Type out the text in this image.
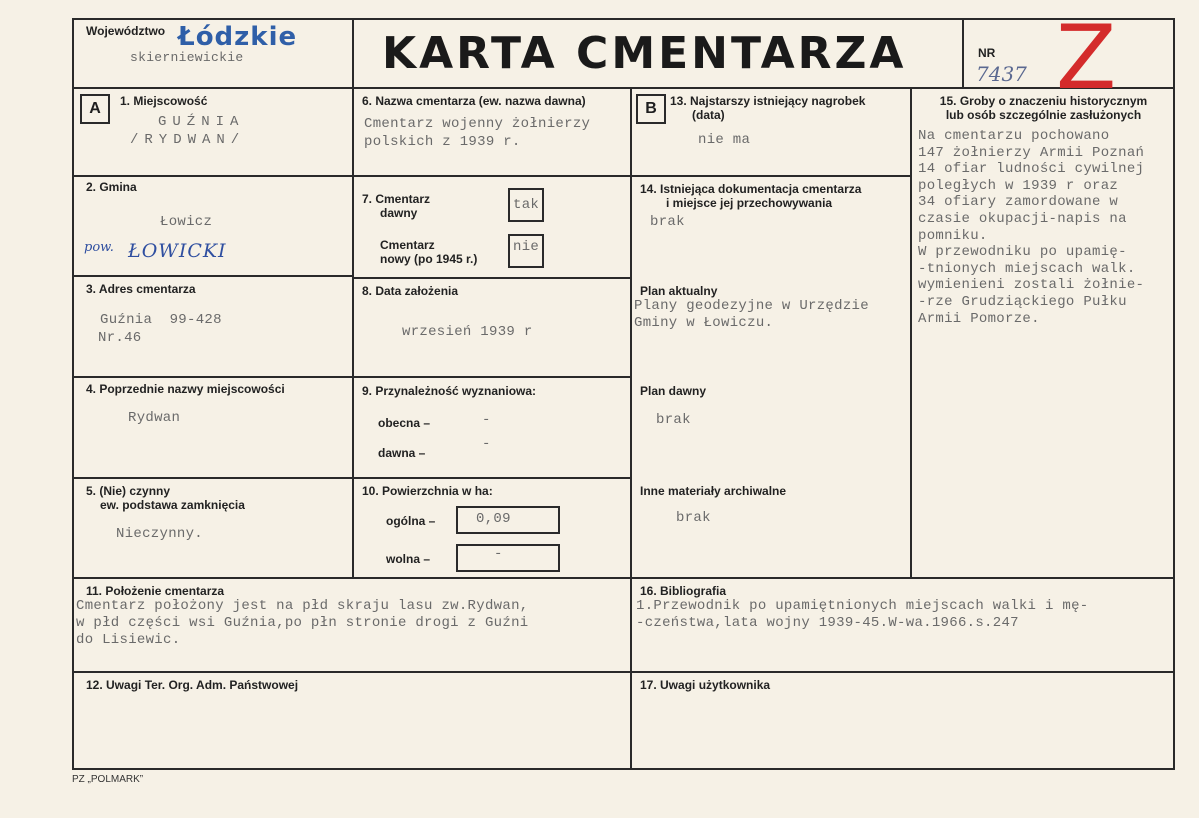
Województwo Łódzkie
skierniewickie	KARTA CMENTARZA	NR
7437 Z
A	B
1. Miejscowość
GUŹNIA
/RYDWAN/
2. Gmina
Łowicz
pow. ŁOWICKI
3. Adres cmentarza
Guźnia  99-428
Nr.46
4. Poprzednie nazwy miejscowości
Rydwan
5. (Nie) czynny
ew. podstawa zamknięcia
Nieczynny.
6. Nazwa cmentarza (ew. nazwa dawna)
Cmentarz wojenny żołnierzy
polskich z 1939 r.
7. Cmentarz
dawny	tak
Cmentarz
nowy (po 1945 r.)
nie
8. Data założenia
wrzesień 1939 r
9. Przynależność wyznaniowa:
obecna –	-
dawna –
-
10. Powierzchnia w ha:
ogólna –	0,09
wolna –	-
13. Najstarszy istniejący nagrobek
(data)
nie ma
14. Istniejąca dokumentacja cmentarza
i miejsce jej przechowywania
brak
Plan aktualny
Plany geodezyjne w Urzędzie
Gminy w Łowiczu.
Plan dawny
brak
Inne materiały archiwalne
brak
15. Groby o znaczeniu historycznym
lub osób szczególnie zasłużonych
Na cmentarzu pochowano
147 żołnierzy Armii Poznań
14 ofiar ludności cywilnej
poległych w 1939 r oraz
34 ofiary zamordowane w
czasie okupacji-napis na
pomniku.
W przewodniku po upamię-
-tnionych miejscach walk.
wymienieni zostali żołnie-
-rze Grudziąckiego Pułku
Armii Pomorze.
11. Położenie cmentarza
Cmentarz położony jest na płd skraju lasu zw.Rydwan,
w płd części wsi Guźnia,po płn stronie drogi z Guźni
do Lisiewic.
16. Bibliografia
1.Przewodnik po upamiętnionych miejscach walki i mę-
-czeństwa,lata wojny 1939-45.W-wa.1966.s.247
12. Uwagi Ter. Org. Adm. Państwowej	17. Uwagi użytkownika
PZ „POLMARK”
